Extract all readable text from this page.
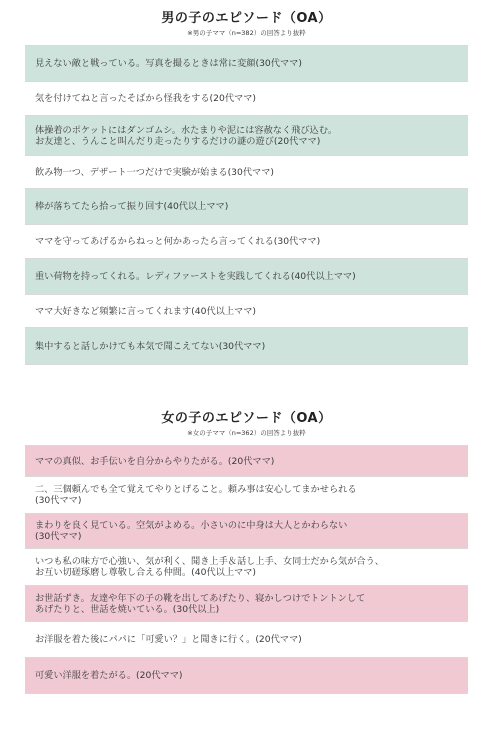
男の子のエピソード（OA）
※男の子ママ（n=382）の回答より抜粋
見えない敵と戦っている。写真を撮るときは常に変顔(30代ママ)
気を付けてねと言ったそばから怪我をする(20代ママ)
体操着のポケットにはダンゴムシ。水たまりや泥には容赦なく飛び込む。
お友達と、うんこと叫んだり走ったりするだけの謎の遊び(20代ママ)
飲み物一つ、デザート一つだけで実験が始まる(30代ママ)
棒が落ちてたら拾って振り回す(40代以上ママ)
ママを守ってあげるからねっと何かあったら言ってくれる(30代ママ)
重い荷物を持ってくれる。レディファーストを実践してくれる(40代以上ママ)
ママ大好きなど頻繁に言ってくれます(40代以上ママ)
集中すると話しかけても本気で聞こえてない(30代ママ)
女の子のエピソード（OA）
※女の子ママ（n=362）の回答より抜粋
ママの真似、お手伝いを自分からやりたがる。(20代ママ)
二、三個頼んでも全て覚えてやりとげること。頼み事は安心してまかせられる
(30代ママ)
まわりを良く見ている。空気がよめる。小さいのに中身は大人とかわらない
(30代ママ)
いつも私の味方で心強い、気が利く、聞き上手＆話し上手、女同士だから気が合う、
お互い切磋琢磨し尊敬し合える仲間。(40代以上ママ)
お世話ずき。友達や年下の子の靴を出してあげたり、寝かしつけでトントンして
あげたりと、世話を焼いている。(30代以上)
お洋服を着た後にパパに「可愛い？」と聞きに行く。(20代ママ)
可愛い洋服を着たがる。(20代ママ)
